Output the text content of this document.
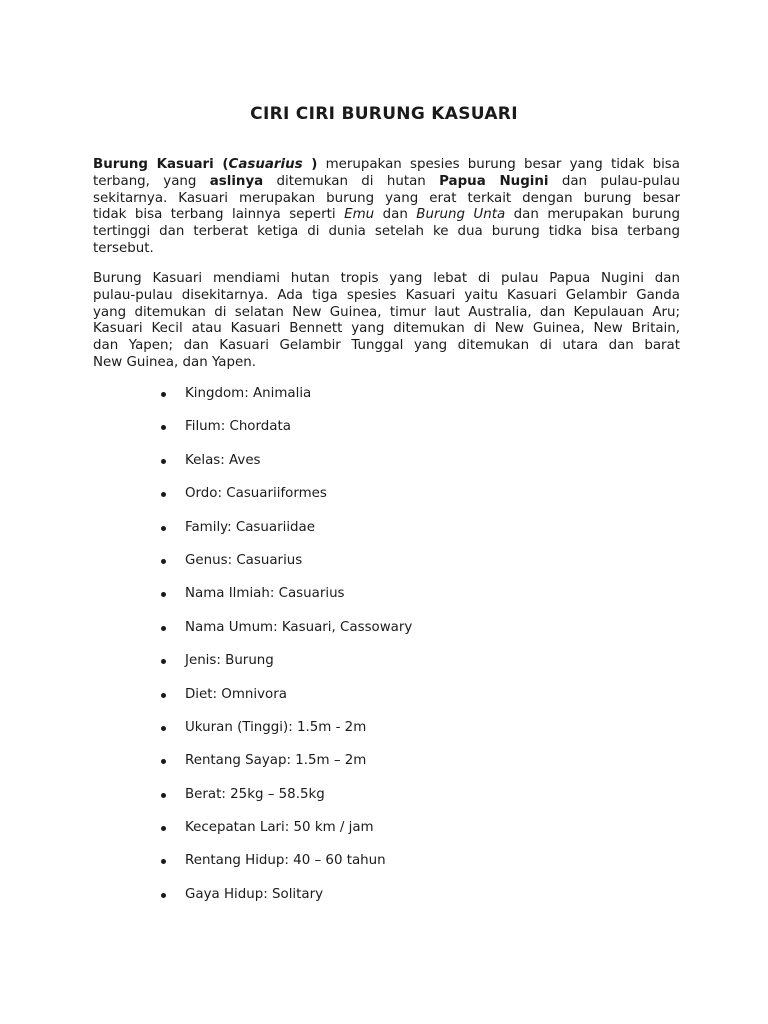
CIRI CIRI BURUNG KASUARI
Burung Kasuari (Casuarius ) merupakan spesies burung besar yang tidak bisa
terbang, yang aslinya ditemukan di hutan Papua Nugini dan pulau-pulau
sekitarnya. Kasuari merupakan burung yang erat terkait dengan burung besar
tidak bisa terbang lainnya seperti Emu dan Burung Unta dan merupakan burung
tertinggi dan terberat ketiga di dunia setelah ke dua burung tidka bisa terbang
tersebut.
Burung Kasuari mendiami hutan tropis yang lebat di pulau Papua Nugini dan
pulau-pulau disekitarnya. Ada tiga spesies Kasuari yaitu Kasuari Gelambir Ganda
yang ditemukan di selatan New Guinea, timur laut Australia, dan Kepulauan Aru;
Kasuari Kecil atau Kasuari Bennett yang ditemukan di New Guinea, New Britain,
dan Yapen; dan Kasuari Gelambir Tunggal yang ditemukan di utara dan barat
New Guinea, dan Yapen.
Kingdom: Animalia
Filum: Chordata
Kelas: Aves
Ordo: Casuariiformes
Family: Casuariidae
Genus: Casuarius
Nama Ilmiah: Casuarius
Nama Umum: Kasuari, Cassowary
Jenis: Burung
Diet: Omnivora
Ukuran (Tinggi): 1.5m - 2m
Rentang Sayap: 1.5m – 2m
Berat: 25kg – 58.5kg
Kecepatan Lari: 50 km / jam
Rentang Hidup: 40 – 60 tahun
Gaya Hidup: Solitary
